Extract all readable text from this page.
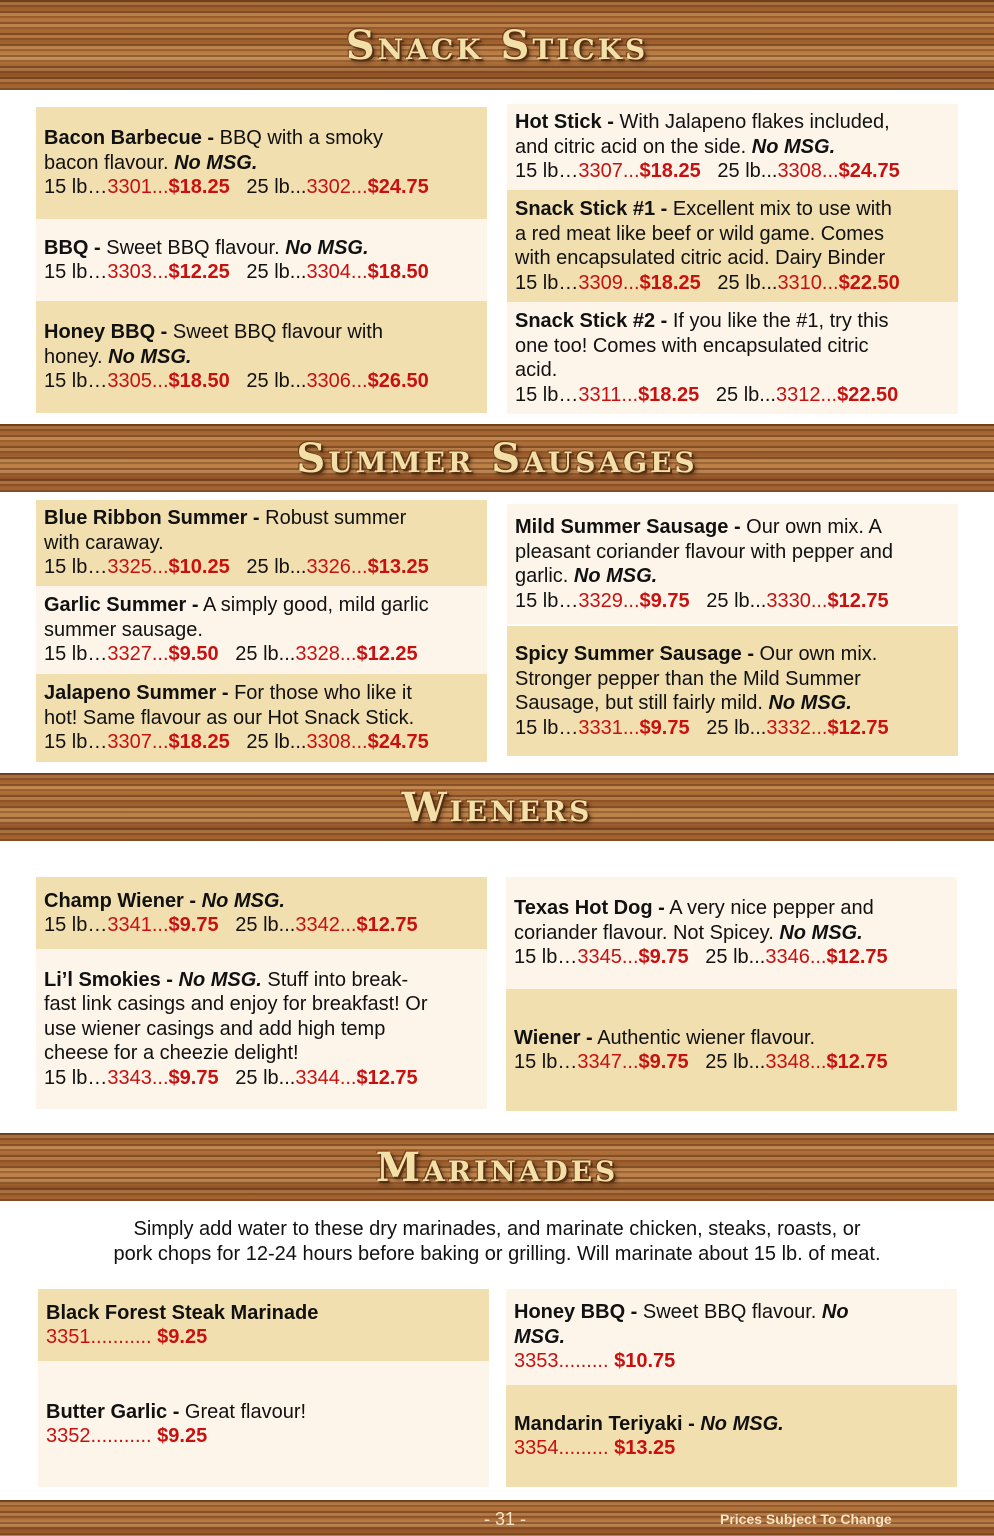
Snack Sticks
Bacon Barbecue - BBQ with a smoky
bacon flavour. No MSG.
15 lb…3301...$18.25 25 lb...3302...$24.75
BBQ - Sweet BBQ flavour. No MSG.
15 lb…3303...$12.25 25 lb...3304...$18.50
Honey BBQ - Sweet BBQ flavour with
honey. No MSG.
15 lb…3305...$18.50 25 lb...3306...$26.50
Hot Stick - With Jalapeno flakes included,
and citric acid on the side. No MSG.
15 lb…3307...$18.25 25 lb...3308...$24.75
Snack Stick #1 - Excellent mix to use with
a red meat like beef or wild game. Comes
with encapsulated citric acid. Dairy Binder
15 lb…3309...$18.25 25 lb...3310...$22.50
Snack Stick #2 - If you like the #1, try this
one too! Comes with encapsulated citric
acid.
15 lb…3311...$18.25 25 lb...3312...$22.50
Summer Sausages
Blue Ribbon Summer - Robust summer
with caraway.
15 lb…3325...$10.25 25 lb...3326...$13.25
Garlic Summer - A simply good, mild garlic
summer sausage.
15 lb…3327...$9.50 25 lb...3328...$12.25
Jalapeno Summer - For those who like it
hot! Same flavour as our Hot Snack Stick.
15 lb…3307...$18.25 25 lb...3308...$24.75
Mild Summer Sausage - Our own mix. A
pleasant coriander flavour with pepper and
garlic. No MSG.
15 lb…3329...$9.75 25 lb...3330...$12.75
Spicy Summer Sausage - Our own mix.
Stronger pepper than the Mild Summer
Sausage, but still fairly mild. No MSG.
15 lb…3331...$9.75 25 lb...3332...$12.75
Wieners
Champ Wiener - No MSG.
15 lb…3341...$9.75 25 lb...3342...$12.75
Li’l Smokies - No MSG. Stuff into break-
fast link casings and enjoy for breakfast! Or
use wiener casings and add high temp
cheese for a cheezie delight!
15 lb…3343...$9.75 25 lb...3344...$12.75
Texas Hot Dog - A very nice pepper and
coriander flavour. Not Spicey. No MSG.
15 lb…3345...$9.75 25 lb...3346...$12.75
Wiener - Authentic wiener flavour.
15 lb…3347...$9.75 25 lb...3348...$12.75
Marinades
Simply add water to these dry marinades, and marinate chicken, steaks, roasts, or
pork chops for 12-24 hours before baking or grilling. Will marinate about 15 lb. of meat.
Black Forest Steak Marinade
3351........... $9.25
Butter Garlic - Great flavour!
3352........... $9.25
Honey BBQ - Sweet BBQ flavour. No
MSG.
3353......... $10.75
Mandarin Teriyaki - No MSG.
3354......... $13.25
- 31 -	Prices Subject To Change
